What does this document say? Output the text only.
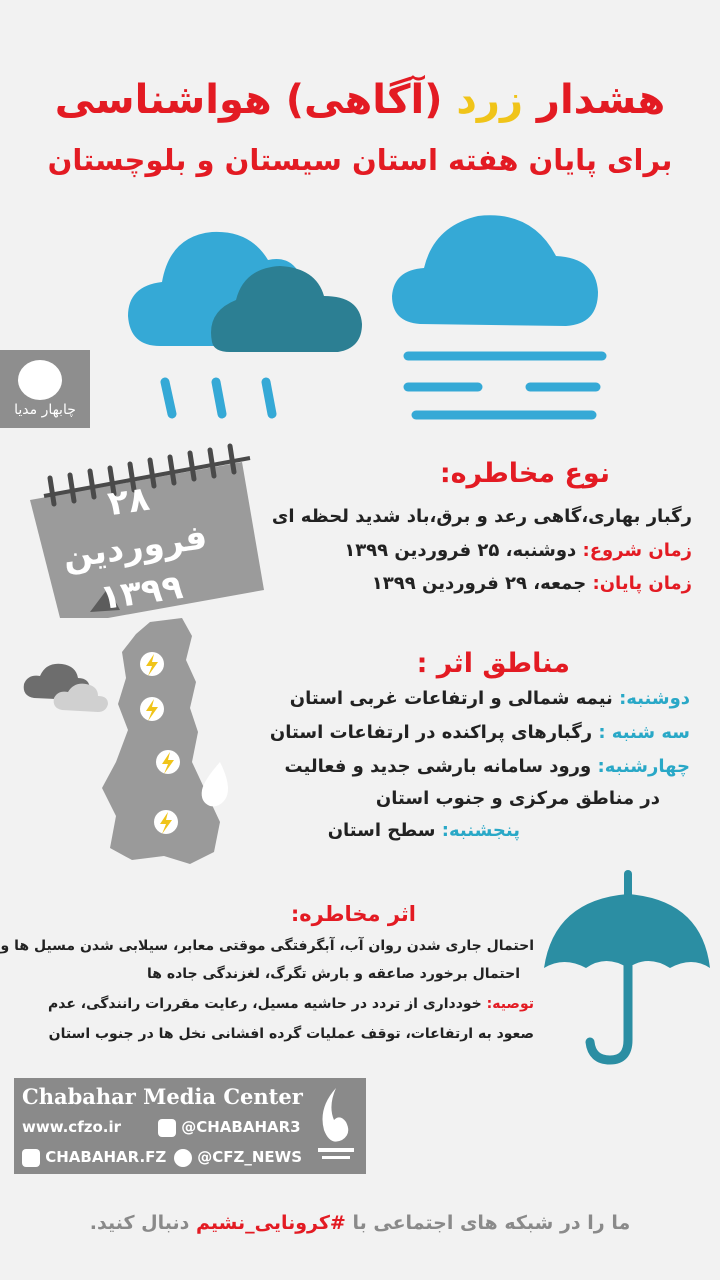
هشدار زرد (آگاهی) هواشناسی
برای پایان هفته استان سیستان و بلوچستان
چابهار مدیا
۲۸ فروردین
۱۳۹۹
نوع مخاطره:
رگبار بهاری،گاهی رعد و برق،باد شدید لحظه ای
زمان شروع: دوشنبه، ۲۵ فروردین ۱۳۹۹
زمان پایان: جمعه، ۲۹ فروردین ۱۳۹۹
مناطق اثر :
دوشنبه: نیمه شمالی و ارتفاعات غربی استان
سه شنبه : رگبارهای پراکنده در ارتفاعات استان
چهارشنبه: ورود سامانه بارشی جدید و فعالیت
در مناطق مرکزی و جنوب استان
پنجشنبه: سطح استان
اثر مخاطره:
احتمال جاری شدن روان آب، آبگرفتگی موقتی معابر، سیلابی شدن مسیل ها و
احتمال برخورد صاعقه و بارش تگرگ، لغزندگی جاده ها
توصیه: خودداری از تردد در حاشیه مسیل، رعایت مقررات رانندگی، عدم
صعود به ارتفاعات، توقف عملیات گرده افشانی نخل ها در جنوب استان
Chabahar Media Center
www.cfzo.ir	@CHABAHAR3
CHABAHAR.FZ	@CFZ_NEWS
ما را در شبکه های اجتماعی با #کرونایی_نشیم دنبال کنید.
